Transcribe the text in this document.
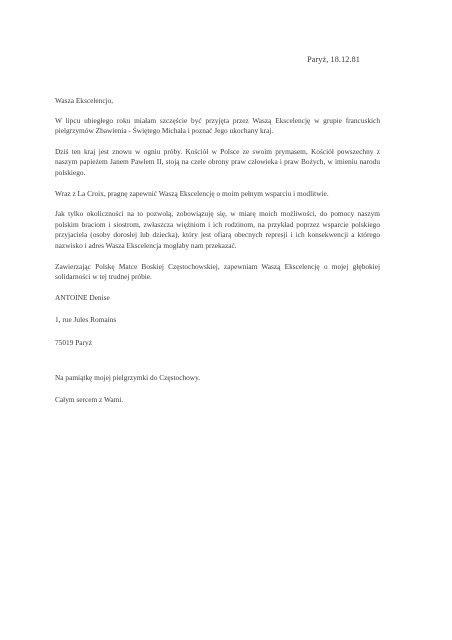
Paryż, 18.12.81

Wasza Ekscelencjo,

W lipcu ubiegłego roku miałam szczęście być przyjęta przez Waszą Ekscelencję w grupie francuskich pielgrzymów Zbawienia - Świętego Michała i poznać Jego ukochany kraj.

Dziś ten kraj jest znowu w ogniu próby. Kościół w Polsce ze swoim prymasem, Kościół powszechny z naszym papieżem Janem Pawłem II, stoją na czele obrony praw człowieka i praw Bożych, w imieniu narodu polskiego.

Wraz z La Croix, pragnę zapewnić Waszą Ekscelencję o moim pełnym wsparciu i modlitwie.

Jak tylko okoliczności na to pozwolą, zobowiązuję się, w miarę moich możliwości, do pomocy naszym polskim braciom i siostrom, zwłaszcza więźniom i ich rodzinom, na przykład poprzez wsparcie polskiego przyjaciela (osoby dorosłej lub dziecka), który jest ofiarą obecnych represji i ich konsekwencji a którego nazwisko i adres Wasza Ekscelencja mogłaby nam przekazać.

Zawierzając Polskę Matce Boskiej Częstochowskiej, zapewniam Waszą Ekscelencję o mojej głębokiej solidarności w tej trudnej próbie.

ANTOINE Denise

1, rue Jules Romains

75019 Paryż

Na pamiątkę mojej pielgrzymki do Częstochowy.

Całym sercem z Wami.
